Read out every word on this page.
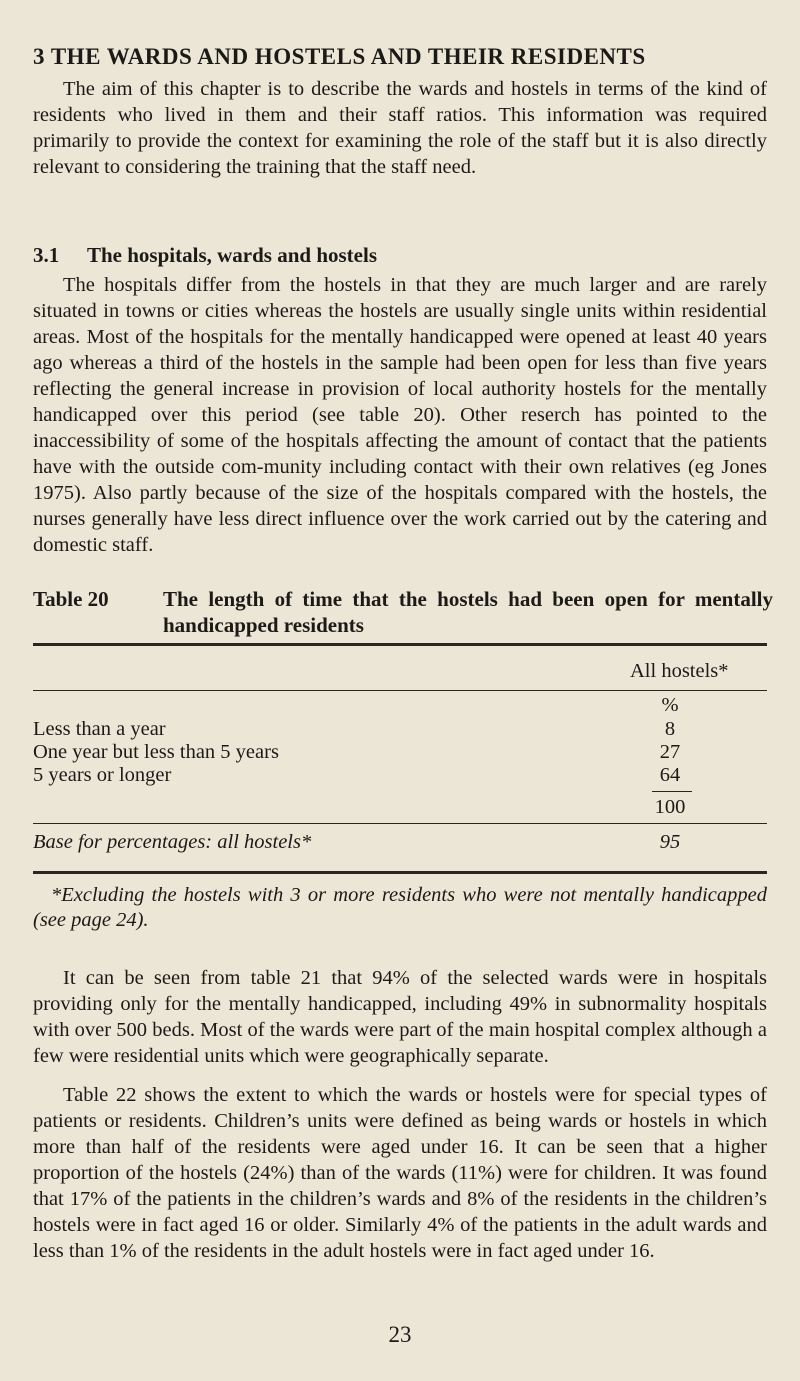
3 THE WARDS AND HOSTELS AND THEIR RESIDENTS

The aim of this chapter is to describe the wards and hostels in terms of the kind of residents who lived in them and their staff ratios. This information was required primarily to provide the context for examining the role of the staff but it is also directly relevant to considering the training that the staff need.

3.1 The hospitals, wards and hostels

The hospitals differ from the hostels in that they are much larger and are rarely situated in towns or cities whereas the hostels are usually single units within residential areas. Most of the hospitals for the mentally handicapped were opened at least 40 years ago whereas a third of the hostels in the sample had been open for less than five years reflecting the general increase in provision of local authority hostels for the mentally handicapped over this period (see table 20). Other reserch has pointed to the inaccessibility of some of the hospitals affecting the amount of contact that the patients have with the outside com-munity including contact with their own relatives (eg Jones 1975). Also partly because of the size of the hospitals compared with the hostels, the nurses generally have less direct influence over the work carried out by the catering and domestic staff.

Table 20	The length of time that the hostels had been open for mentally handicapped residents
All hostels*
%
Less than a year	8
One year but less than 5 years	27
5 years or longer	64
100
Base for percentages: all hostels*	95

*Excluding the hostels with 3 or more residents who were not mentally handicapped (see page 24).

It can be seen from table 21 that 94% of the selected wards were in hospitals providing only for the mentally handicapped, including 49% in subnormality hospitals with over 500 beds. Most of the wards were part of the main hospital complex although a few were residential units which were geographically separate.

Table 22 shows the extent to which the wards or hostels were for special types of patients or residents. Children’s units were defined as being wards or hostels in which more than half of the residents were aged under 16. It can be seen that a higher proportion of the hostels (24%) than of the wards (11%) were for children. It was found that 17% of the patients in the children’s wards and 8% of the residents in the children’s hostels were in fact aged 16 or older. Similarly 4% of the patients in the adult wards and less than 1% of the residents in the adult hostels were in fact aged under 16.

23
